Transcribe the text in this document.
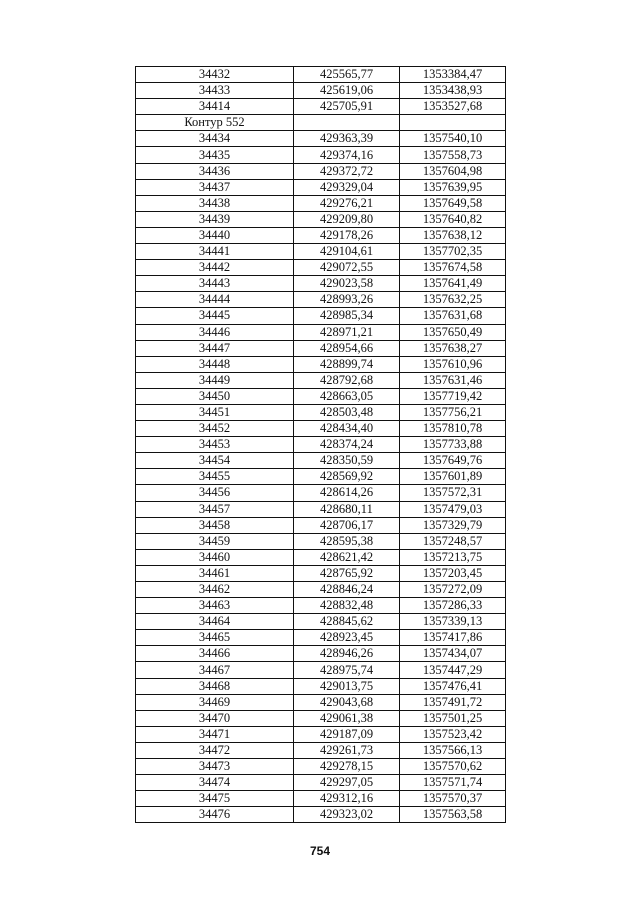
34432	425565,77	1353384,47
34433	425619,06	1353438,93
34414	425705,91	1353527,68
Контур 552		
34434	429363,39	1357540,10
34435	429374,16	1357558,73
34436	429372,72	1357604,98
34437	429329,04	1357639,95
34438	429276,21	1357649,58
34439	429209,80	1357640,82
34440	429178,26	1357638,12
34441	429104,61	1357702,35
34442	429072,55	1357674,58
34443	429023,58	1357641,49
34444	428993,26	1357632,25
34445	428985,34	1357631,68
34446	428971,21	1357650,49
34447	428954,66	1357638,27
34448	428899,74	1357610,96
34449	428792,68	1357631,46
34450	428663,05	1357719,42
34451	428503,48	1357756,21
34452	428434,40	1357810,78
34453	428374,24	1357733,88
34454	428350,59	1357649,76
34455	428569,92	1357601,89
34456	428614,26	1357572,31
34457	428680,11	1357479,03
34458	428706,17	1357329,79
34459	428595,38	1357248,57
34460	428621,42	1357213,75
34461	428765,92	1357203,45
34462	428846,24	1357272,09
34463	428832,48	1357286,33
34464	428845,62	1357339,13
34465	428923,45	1357417,86
34466	428946,26	1357434,07
34467	428975,74	1357447,29
34468	429013,75	1357476,41
34469	429043,68	1357491,72
34470	429061,38	1357501,25
34471	429187,09	1357523,42
34472	429261,73	1357566,13
34473	429278,15	1357570,62
34474	429297,05	1357571,74
34475	429312,16	1357570,37
34476	429323,02	1357563,58
754
